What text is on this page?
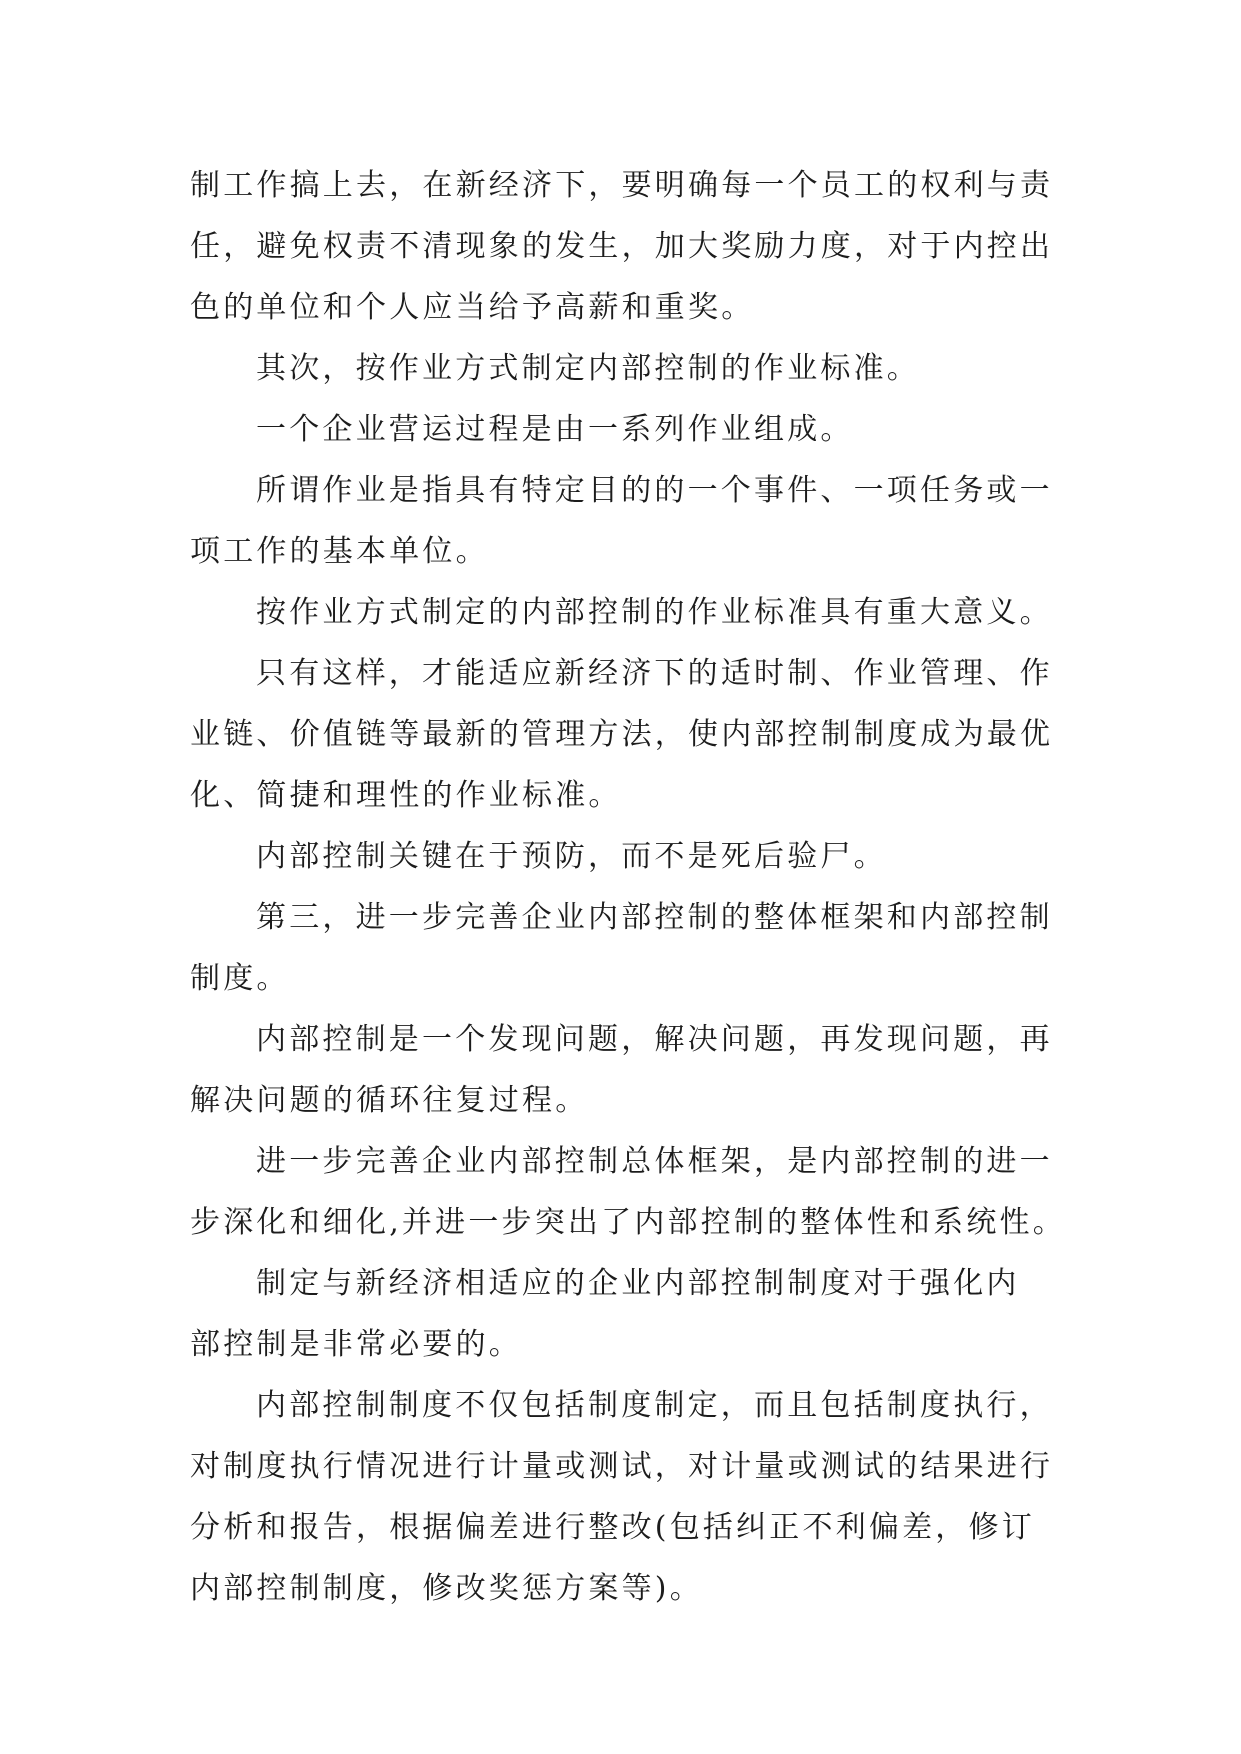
制工作搞上去，在新经济下，要明确每一个员工的权利与责
任，避免权责不清现象的发生，加大奖励力度，对于内控出
色的单位和个人应当给予高薪和重奖。

其次，按作业方式制定内部控制的作业标准。

一个企业营运过程是由一系列作业组成。

所谓作业是指具有特定目的的一个事件、一项任务或一
项工作的基本单位。

按作业方式制定的内部控制的作业标准具有重大意义。

只有这样，才能适应新经济下的适时制、作业管理、作
业链、价值链等最新的管理方法，使内部控制制度成为最优
化、简捷和理性的作业标准。

内部控制关键在于预防，而不是死后验尸。

第三，进一步完善企业内部控制的整体框架和内部控制
制度。

内部控制是一个发现问题，解决问题，再发现问题，再
解决问题的循环往复过程。

进一步完善企业内部控制总体框架，是内部控制的进一
步深化和细化,并进一步突出了内部控制的整体性和系统性。

制定与新经济相适应的企业内部控制制度对于强化内
部控制是非常必要的。

内部控制制度不仅包括制度制定，而且包括制度执行，
对制度执行情况进行计量或测试，对计量或测试的结果进行
分析和报告，根据偏差进行整改(包括纠正不利偏差，修订
内部控制制度，修改奖惩方案等)。
